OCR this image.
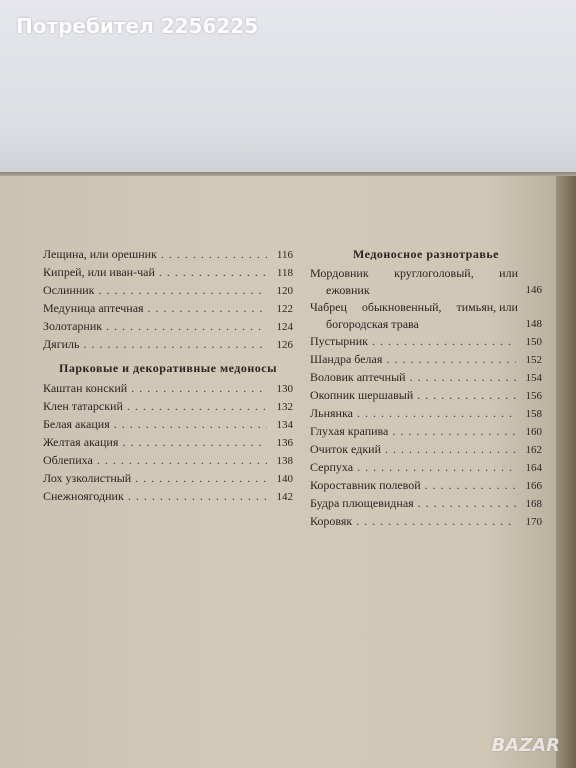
Потребител 2256225
Лещина, или орешник . . .	116
Кипрей, или иван-чай . . .	118
Ослинник . . .	120
Медуница аптечная . . .	122
Золотарник . . .	124
Дягиль . . .	126
Парковые и декоративные медоносы
Каштан конский . . .	130
Клен татарский . . .	132
Белая акация . . .	134
Желтая акация . . .	136
Облепиха . . .	138
Лох узколистный . . .	140
Снежноягодник . . .	142
Медоносное разнотравье
Мордовник круглоголовый, или
ежовник	146
Чабрец обыкновенный, тимьян, или
богородская трава	148
Пустырник . . .	150
Шандра белая . . .	152
Воловик аптечный . . .	154
Окопник шершавый . . .	156
Льнянка . . .	158
Глухая крапива . . .	160
Очиток едкий . . .	162
Серпуха . . .	164
Короставник полевой . . .	166
Будра плющевидная . . .	168
Коровяк . . .	170
BAZAR
